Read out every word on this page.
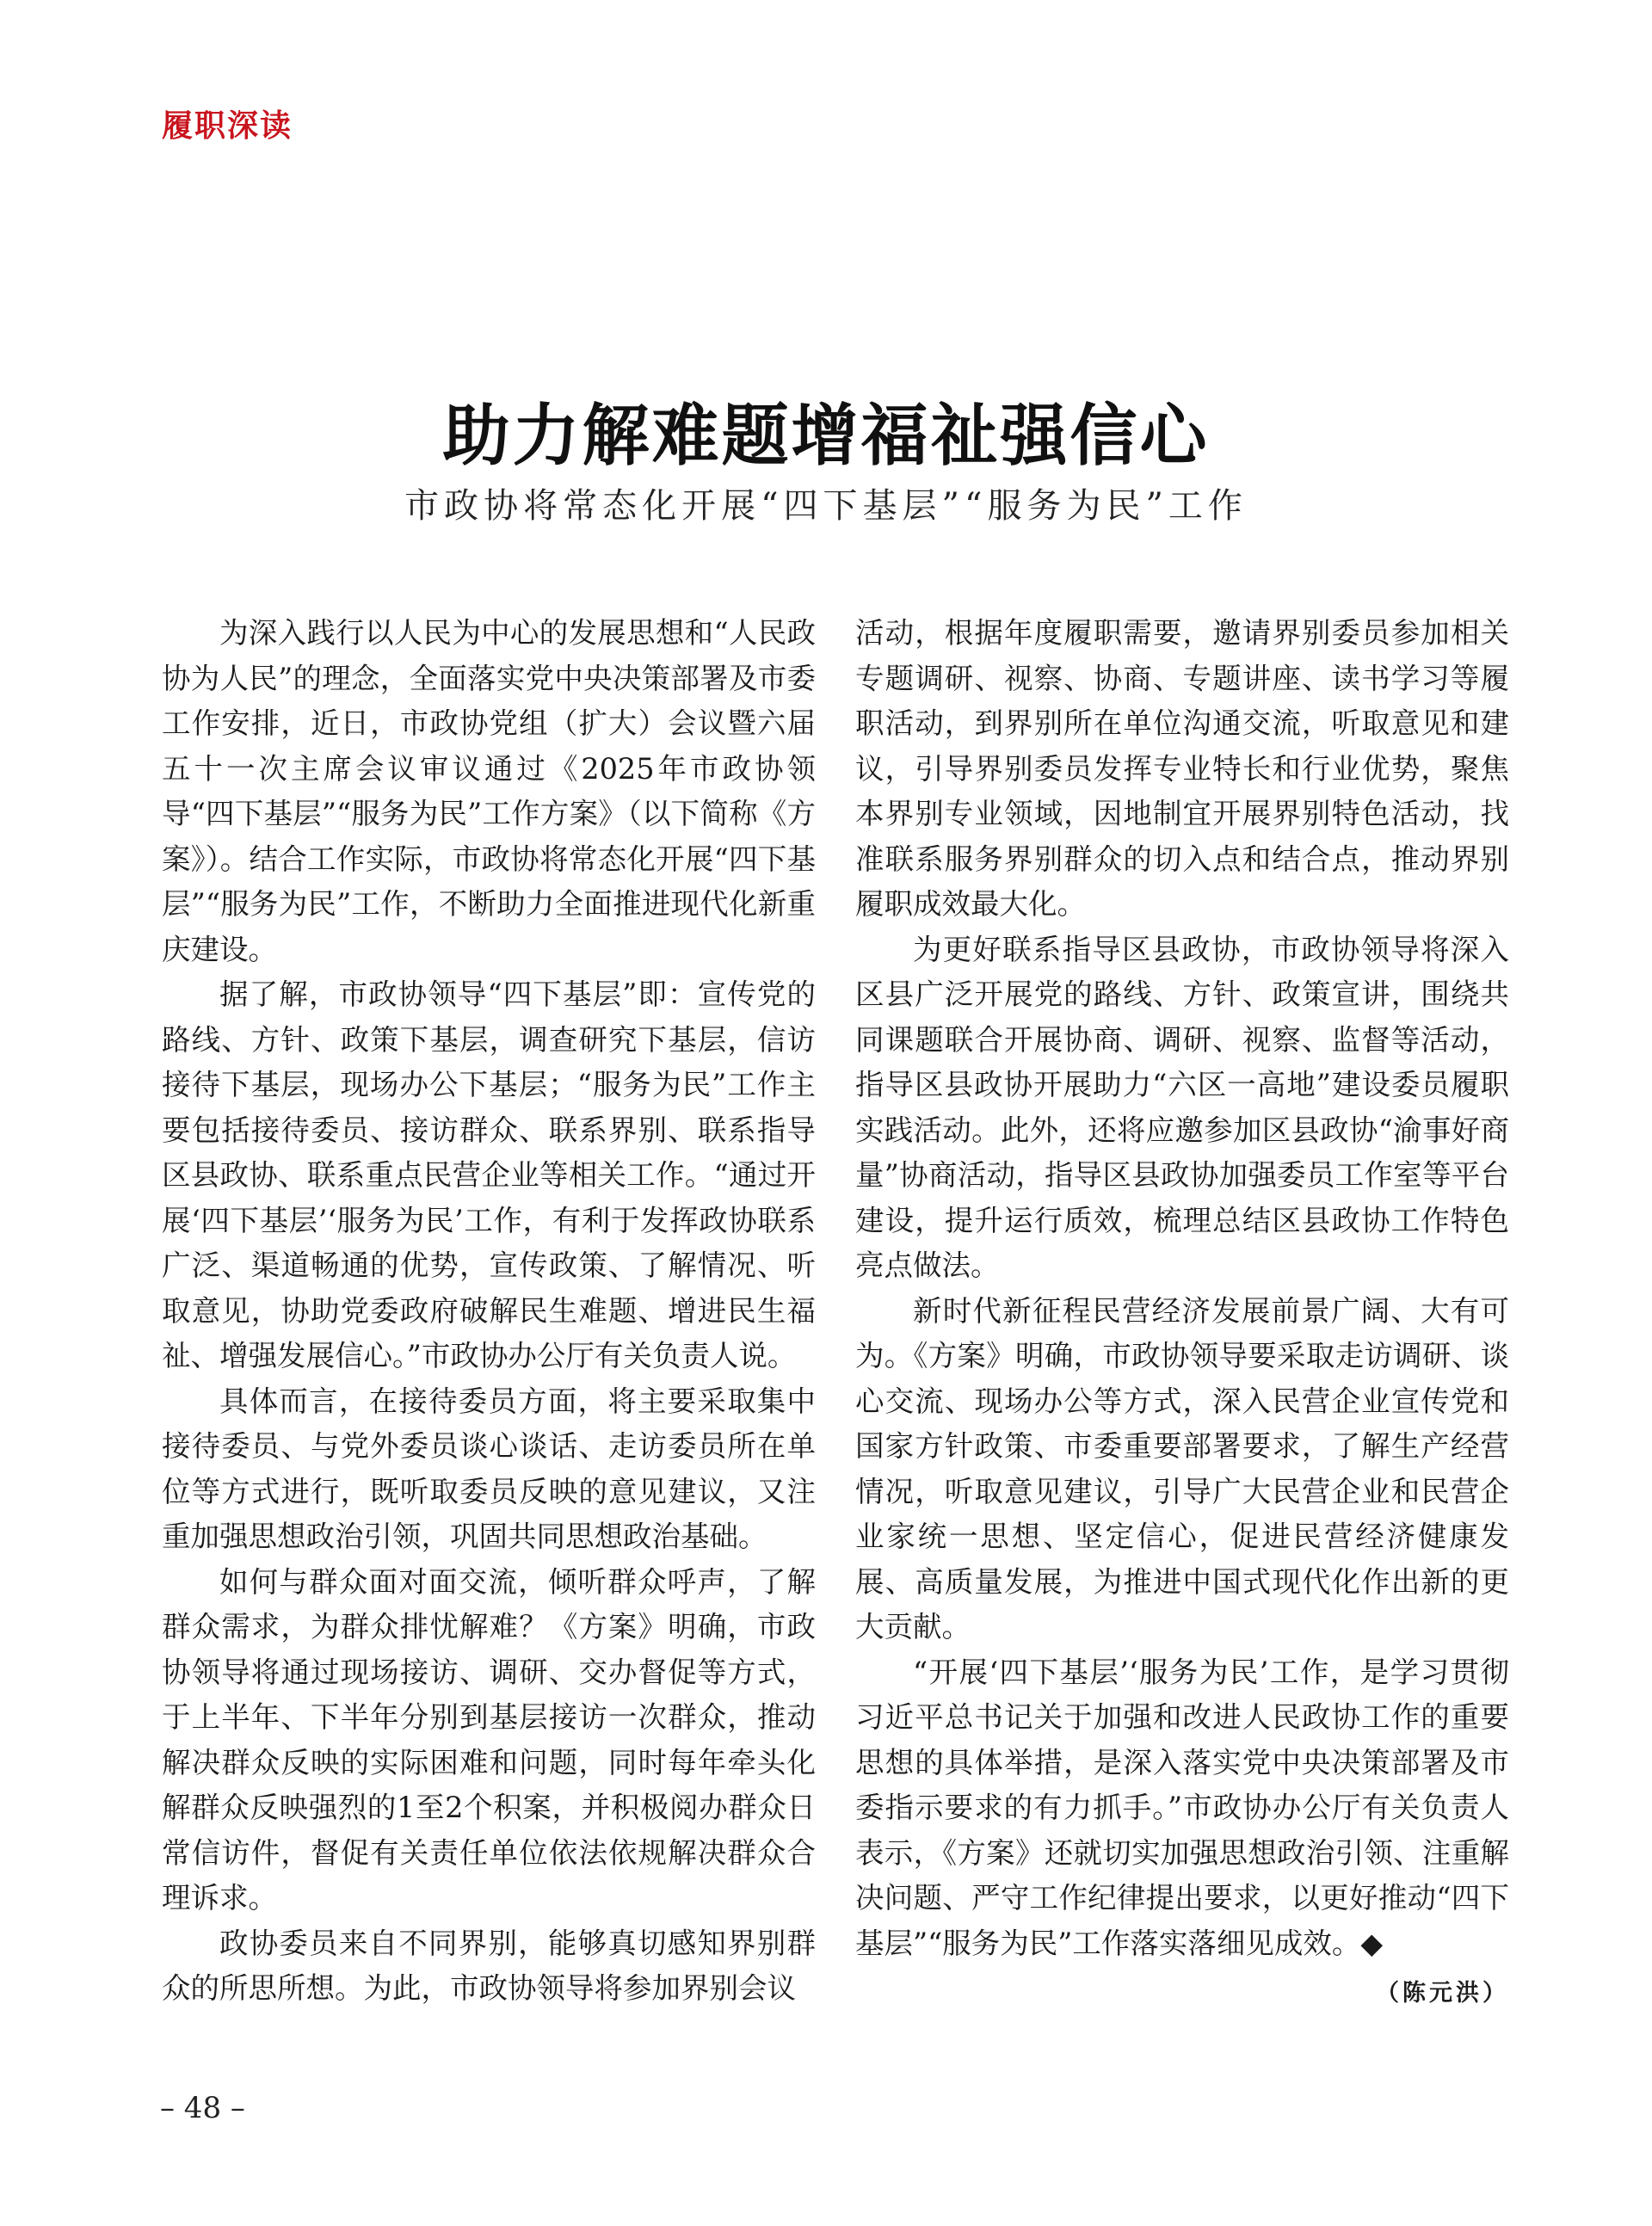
履职深读
助力解难题增福祉强信心
市政协将常态化开展“四下基层”“服务为民”工作

为深入践行以人民为中心的发展思想和“人民政协为人民”的理念，全面落实党中央决策部署及市委工作安排，近日，市政协党组（扩大）会议暨六届五十一次主席会议审议通过《2025年市政协领导“四下基层”“服务为民”工作方案》（以下简称《方案》）。结合工作实际，市政协将常态化开展“四下基层”“服务为民”工作，不断助力全面推进现代化新重庆建设。

据了解，市政协领导“四下基层”即：宣传党的路线、方针、政策下基层，调查研究下基层，信访接待下基层，现场办公下基层；“服务为民”工作主要包括接待委员、接访群众、联系界别、联系指导区县政协、联系重点民营企业等相关工作。“通过开展‘四下基层’‘服务为民’工作，有利于发挥政协联系广泛、渠道畅通的优势，宣传政策、了解情况、听取意见，协助党委政府破解民生难题、增进民生福祉、增强发展信心。”市政协办公厅有关负责人说。

具体而言，在接待委员方面，将主要采取集中接待委员、与党外委员谈心谈话、走访委员所在单位等方式进行，既听取委员反映的意见建议，又注重加强思想政治引领，巩固共同思想政治基础。

如何与群众面对面交流，倾听群众呼声，了解群众需求，为群众排忧解难？《方案》明确，市政协领导将通过现场接访、调研、交办督促等方式，于上半年、下半年分别到基层接访一次群众，推动解决群众反映的实际困难和问题，同时每年牵头化解群众反映强烈的1至2个积案，并积极阅办群众日常信访件，督促有关责任单位依法依规解决群众合理诉求。

政协委员来自不同界别，能够真切感知界别群众的所思所想。为此，市政协领导将参加界别会议

活动，根据年度履职需要，邀请界别委员参加相关专题调研、视察、协商、专题讲座、读书学习等履职活动，到界别所在单位沟通交流，听取意见和建议，引导界别委员发挥专业特长和行业优势，聚焦本界别专业领域，因地制宜开展界别特色活动，找准联系服务界别群众的切入点和结合点，推动界别履职成效最大化。

为更好联系指导区县政协，市政协领导将深入区县广泛开展党的路线、方针、政策宣讲，围绕共同课题联合开展协商、调研、视察、监督等活动，指导区县政协开展助力“六区一高地”建设委员履职实践活动。此外，还将应邀参加区县政协“渝事好商量”协商活动，指导区县政协加强委员工作室等平台建设，提升运行质效，梳理总结区县政协工作特色亮点做法。

新时代新征程民营经济发展前景广阔、大有可为。《方案》明确，市政协领导要采取走访调研、谈心交流、现场办公等方式，深入民营企业宣传党和国家方针政策、市委重要部署要求，了解生产经营情况，听取意见建议，引导广大民营企业和民营企业家统一思想、坚定信心，促进民营经济健康发展、高质量发展，为推进中国式现代化作出新的更大贡献。

“开展‘四下基层’‘服务为民’工作，是学习贯彻习近平总书记关于加强和改进人民政协工作的重要思想的具体举措，是深入落实党中央决策部署及市委指示要求的有力抓手。”市政协办公厅有关负责人表示，《方案》还就切实加强思想政治引领、注重解决问题、严守工作纪律提出要求，以更好推动“四下基层”“服务为民”工作落实落细见成效。◆

（陈元洪）
– 48 –
